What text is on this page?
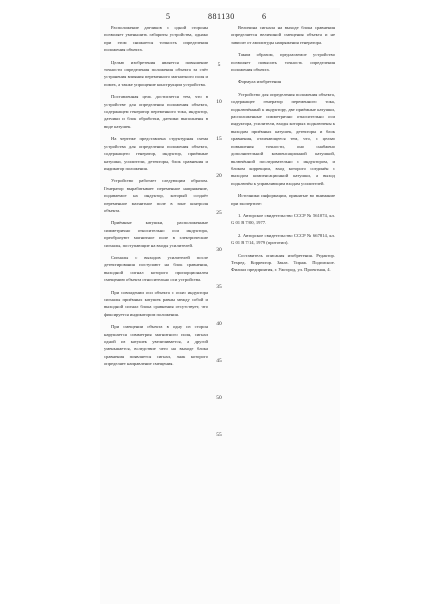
5	881130	6

Расположение датчиков с одной стороны позволяет уменьшить габариты устройства, однако при этом снижается точность определения положения объекта.

Целью изобретения является повышение точности определения положения объекта за счёт устранения влияния переменного магнитного поля и помех, а также упрощение конструкции устройства.

Поставленная цель достигается тем, что в устройстве для определения положения объекта, содержащем генератор переменного тока, индуктор, датчики и блок обработки, датчики выполнены в виде катушек.

На чертеже представлена структурная схема устройства для определения положения объекта, содержащего генератор, индуктор, приёмные катушки, усилители, детекторы, блок сравнения и индикатор положения.

Устройство работает следующим образом. Генератор вырабатывает переменное напряжение, подаваемое на индуктор, который создаёт переменное магнитное поле в зоне контроля объекта.

Приёмные катушки, расположенные симметрично относительно оси индуктора, преобразуют магнитное поле в электрические сигналы, поступающие на входы усилителей.

Сигналы с выходов усилителей после детектирования поступают на блок сравнения, выходной сигнал которого пропорционален смещению объекта относительно оси устройства.

При совпадении оси объекта с осью индуктора сигналы приёмных катушек равны между собой и выходной сигнал блока сравнения отсутствует, что фиксируется индикатором положения.

При смещении объекта в одну из сторон нарушается симметрия магнитного поля, сигнал одной из катушек увеличивается, а другой уменьшается, вследствие чего на выходе блока сравнения появляется сигнал, знак которого определяет направление смещения.

5
10
15
20
25
30
35
40
45
50
55

Величина сигнала на выходе блока сравнения определяется величиной смещения объекта и не зависит от амплитуды напряжения генератора.

Таким образом, предлагаемое устройство позволяет повысить точность определения положения объекта.

Формула изобретения

Устройство для определения положения объекта, содержащее генератор переменного тока, подключённый к индуктору, две приёмные катушки, расположенные симметрично относительно оси индуктора, усилители, входы которых подключены к выходам приёмных катушек, детекторы и блок сравнения, отличающееся тем, что, с целью повышения точности, оно снабжено дополнительной компенсационной катушкой, включённой последовательно с индуктором, и блоком коррекции, вход которого соединён с выходом компенсационной катушки, а выход подключён к управляющим входам усилителей.

Источники информации, принятые во внимание при экспертизе:

1. Авторское свидетельство СССР № 561074, кл. G 01 B 7/00, 1977.

2. Авторское свидетельство СССР № 667814, кл. G 01 B 7/14, 1979 (прототип).

Составитель описания изобретения. Редактор. Техред. Корректор. Заказ. Тираж. Подписное. Филиал предприятия, г. Ужгород, ул. Проектная, 4.
